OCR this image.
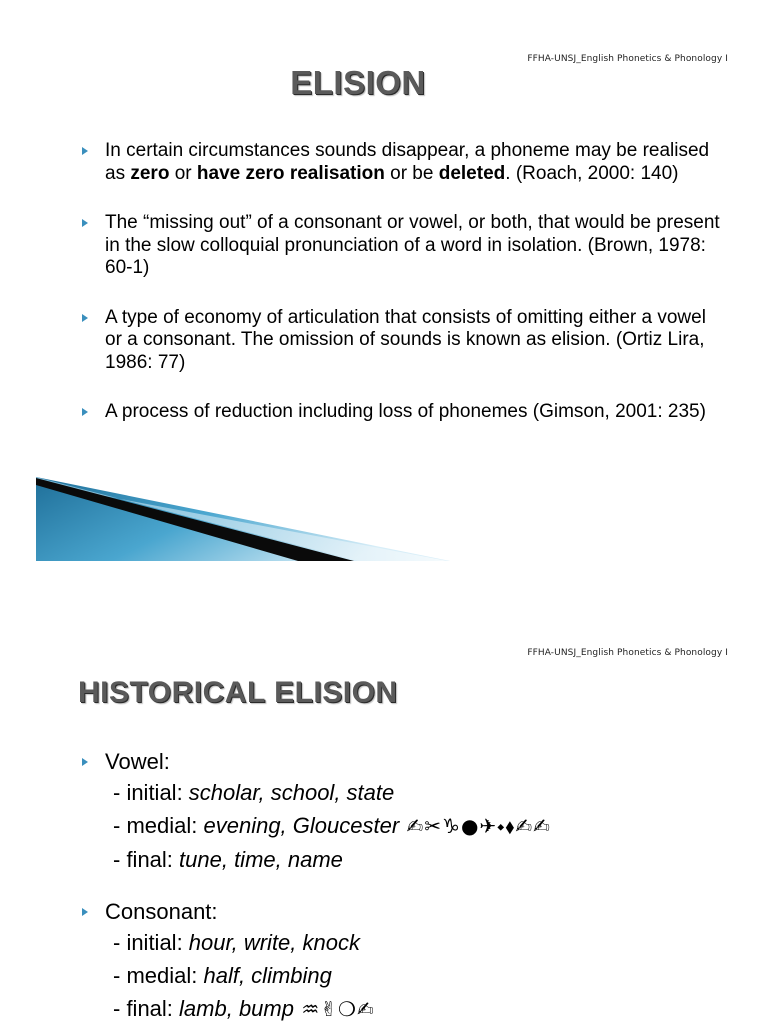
FFHA-UNSJ_English Phonetics & Phonology I
ELISION
In certain circumstances sounds disappear, a phoneme may be realised as zero or have zero realisation or be deleted. (Roach, 2000: 140)
The “missing out” of a consonant or vowel, or both, that would be present in the slow colloquial pronunciation of a word in isolation. (Brown, 1978: 60-1)
A type of economy of articulation that consists of omitting either a vowel or a consonant. The omission of sounds is known as elision. (Ortiz Lira, 1986: 77)
A process of reduction including loss of phonemes (Gimson, 2001: 235)
FFHA-UNSJ_English Phonetics & Phonology I
HISTORICAL ELISION
Vowel:
- initial: scholar, school, state
- medial: evening, Gloucester ✍✂♑●✈⬩⬧✍✍
- final: tune, time, name
Consonant:
- initial: hour, write, knock
- medial: half, climbing
- final: lamb, bump ♒✌❍✍
